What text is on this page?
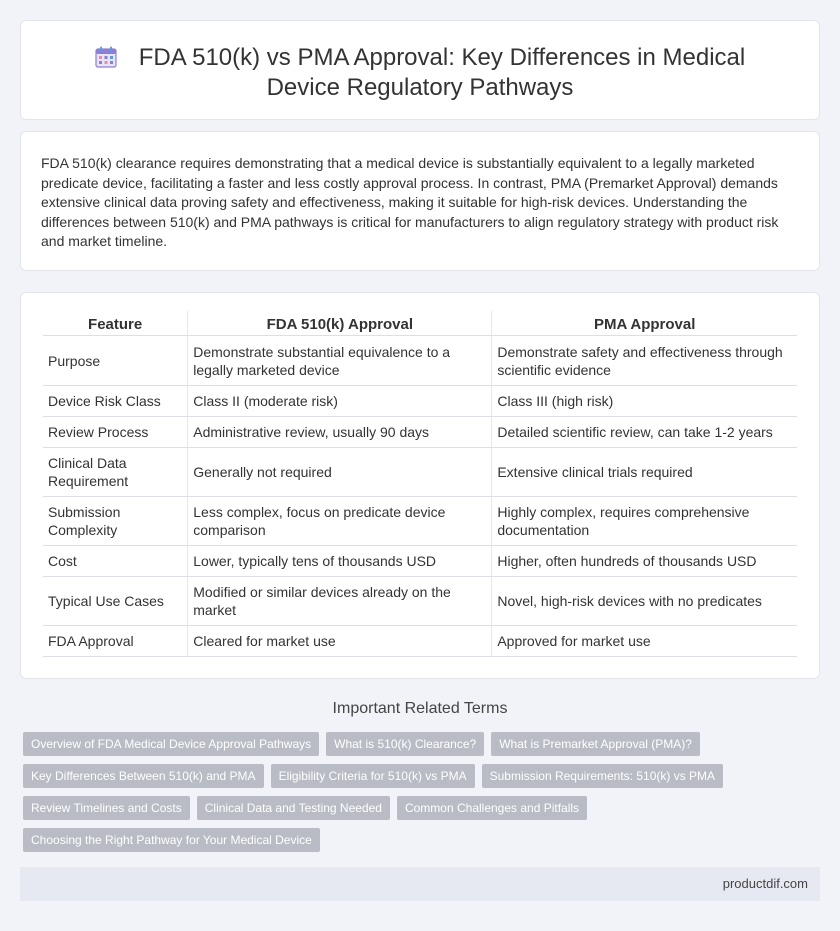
FDA 510(k) vs PMA Approval: Key Differences in Medical Device Regulatory Pathways

FDA 510(k) clearance requires demonstrating that a medical device is substantially equivalent to a legally marketed predicate device, facilitating a faster and less costly approval process. In contrast, PMA (Premarket Approval) demands extensive clinical data proving safety and effectiveness, making it suitable for high-risk devices. Understanding the differences between 510(k) and PMA pathways is critical for manufacturers to align regulatory strategy with product risk and market timeline.

Feature	FDA 510(k) Approval	PMA Approval
Purpose	Demonstrate substantial equivalence to a legally marketed device	Demonstrate safety and effectiveness through scientific evidence
Device Risk Class	Class II (moderate risk)	Class III (high risk)
Review Process	Administrative review, usually 90 days	Detailed scientific review, can take 1-2 years
Clinical Data Requirement	Generally not required	Extensive clinical trials required
Submission Complexity	Less complex, focus on predicate device comparison	Highly complex, requires comprehensive documentation
Cost	Lower, typically tens of thousands USD	Higher, often hundreds of thousands USD
Typical Use Cases	Modified or similar devices already on the market	Novel, high-risk devices with no predicates
FDA Approval	Cleared for market use	Approved for market use
Important Related Terms
Overview of FDA Medical Device Approval Pathways	What is 510(k) Clearance?	What is Premarket Approval (PMA)?
Key Differences Between 510(k) and PMA	Eligibility Criteria for 510(k) vs PMA	Submission Requirements: 510(k) vs PMA
Review Timelines and Costs	Clinical Data and Testing Needed	Common Challenges and Pitfalls
Choosing the Right Pathway for Your Medical Device
productdif.com
